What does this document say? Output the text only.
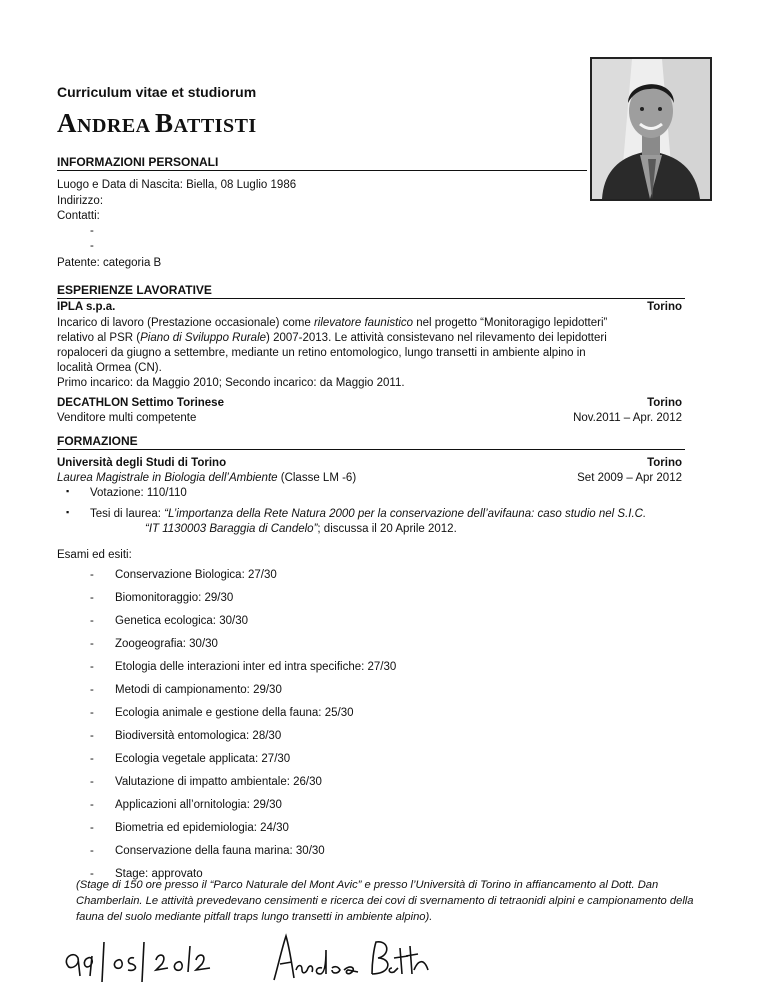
Curriculum vitae et studiorum
ANDREA BATTISTI
INFORMAZIONI PERSONALI
Luogo e Data di Nascita: Biella, 08 Luglio 1986
Indirizzo:
Contatti:
-
-
Patente: categoria B
ESPERIENZE LAVORATIVE
IPLA s.p.a.	Torino
Incarico di lavoro (Prestazione occasionale) come rilevatore faunistico nel progetto “Monitoragigo lepidotteri”
relativo al PSR (Piano di Sviluppo Rurale) 2007-2013. Le attività consistevano nel rilevamento dei lepidotteri
ropaloceri da giugno a settembre, mediante un retino entomologico, lungo transetti in ambiente alpino in
località Ormea (CN).
Primo incarico: da Maggio 2010; Secondo incarico: da Maggio 2011.
DECATHLON Settimo Torinese	Torino
Venditore multi competente	Nov.2011 – Apr. 2012
FORMAZIONE
Università degli Studi di Torino	Torino
Laurea Magistrale in Biologia dell’Ambiente (Classe LM -6)	Set 2009 – Apr 2012
▪ Votazione: 110/110
▪ Tesi di laurea: “L’importanza della Rete Natura 2000 per la conservazione dell’avifauna: caso studio nel S.I.C.
“IT 1130003 Baraggia di Candelo”; discussa il 20 Aprile 2012.
Esami ed esiti:
- Conservazione Biologica: 27/30
- Biomonitoraggio: 29/30
- Genetica ecologica: 30/30
- Zoogeografia: 30/30
- Etologia delle interazioni inter ed intra specifiche: 27/30
- Metodi di campionamento: 29/30
- Ecologia animale e gestione della fauna: 25/30
- Biodiversità entomologica: 28/30
- Ecologia vegetale applicata: 27/30
- Valutazione di impatto ambientale: 26/30
- Applicazioni all’ornitologia: 29/30
- Biometria ed epidemiologia: 24/30
- Conservazione della fauna marina: 30/30
- Stage: approvato
(Stage di 150 ore presso il “Parco Naturale del Mont Avic” e presso l’Università di Torino in affiancamento al Dott. Dan Chamberlain. Le attività prevedevano censimenti e ricerca dei covi di svernamento di tetraonidi alpini e campionamento della fauna del suolo mediante pitfall traps lungo transetti in ambiente alpino).
